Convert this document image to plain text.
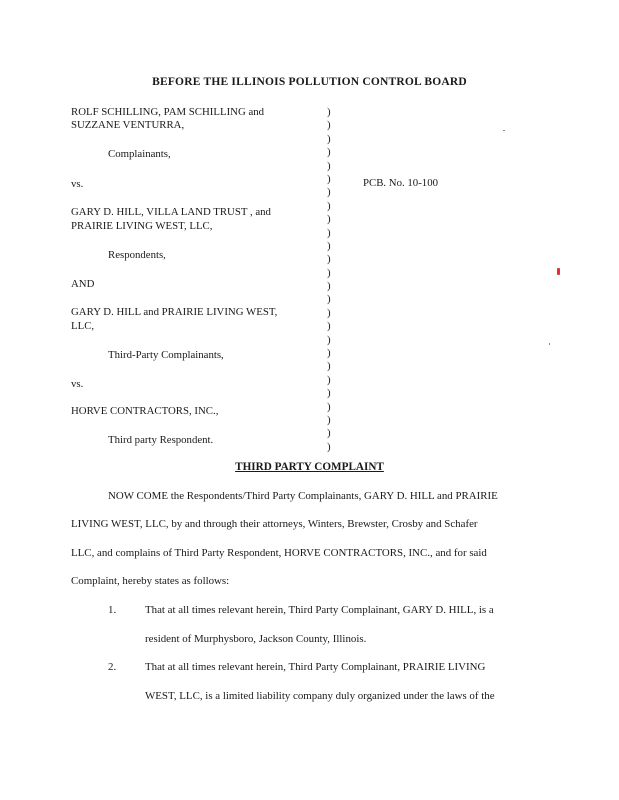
BEFORE THE ILLINOIS POLLUTION CONTROL BOARD
ROLF SCHILLING, PAM SCHILLING and
SUZZANE VENTURRA,
Complainants,
vs.
GARY D. HILL, VILLA LAND TRUST , and
PRAIRIE LIVING WEST, LLC,
Respondents,
AND
GARY D. HILL and PRAIRIE LIVING WEST,
LLC,
Third-Party Complainants,
vs.
HORVE CONTRACTORS, INC.,
Third party Respondent.
)
)
)
)
)
)
)
)
)
)
)
)
)
)
)
)
)
)
)
)
)
)
)
)
)
)
PCB. No. 10-100
THIRD PARTY COMPLAINT
NOW COME the Respondents/Third Party Complainants, GARY D. HILL and PRAIRIE
LIVING WEST, LLC, by and through their attorneys, Winters, Brewster, Crosby and Schafer
LLC, and complains of Third Party Respondent, HORVE CONTRACTORS, INC., and for said
Complaint, hereby states as follows:
1.	That at all times relevant herein, Third Party Complainant, GARY D. HILL, is a
resident of Murphysboro, Jackson County, Illinois.
2.	That at all times relevant herein, Third Party Complainant, PRAIRIE LIVING
WEST, LLC, is a limited liability company duly organized under the laws of the
